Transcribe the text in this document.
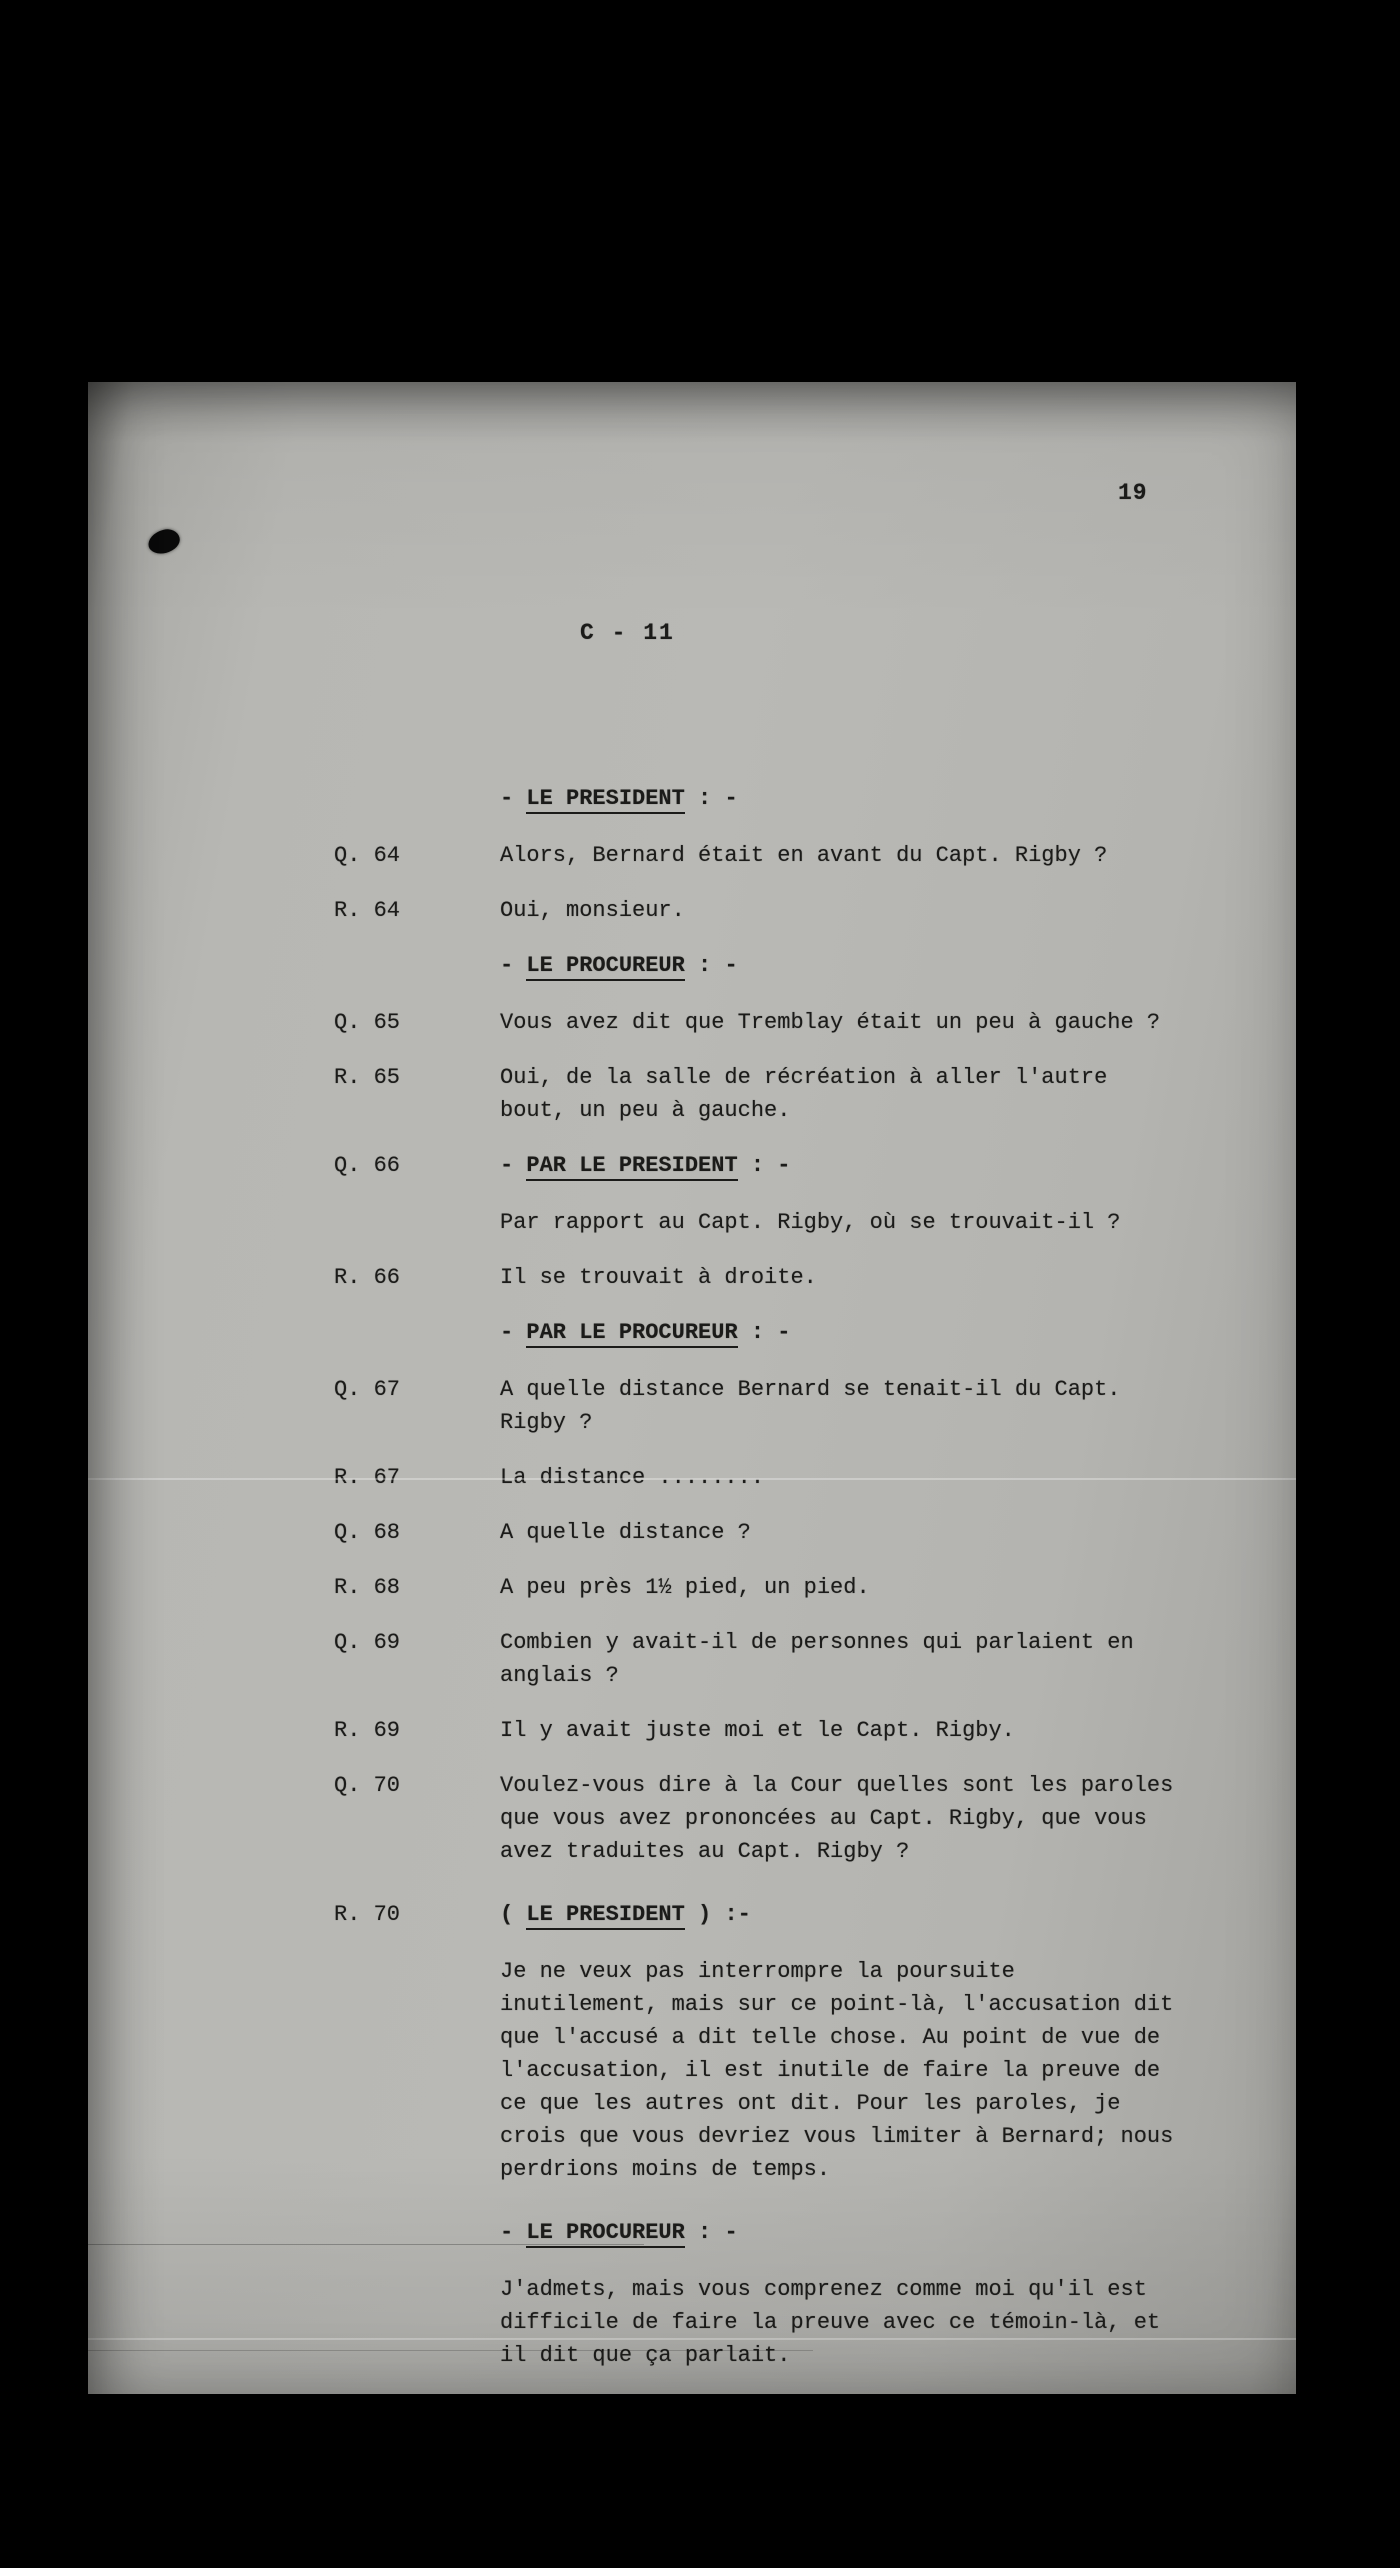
19
C - 11
- LE PRESIDENT : -
Q. 64	Alors, Bernard était en avant du Capt. Rigby ?
R. 64	Oui, monsieur.
- LE PROCUREUR : -
Q. 65	Vous avez dit que Tremblay était un peu à gauche ?
R. 65	Oui, de la salle de récréation à aller l'autre bout, un peu à gauche.
Q. 66	- PAR LE PRESIDENT : -
Par rapport au Capt. Rigby, où se trouvait-il ?
R. 66	Il se trouvait à droite.
- PAR LE PROCUREUR : -
Q. 67	A quelle distance Bernard se tenait-il du Capt. Rigby ?
R. 67	La distance ........
Q. 68	A quelle distance ?
R. 68	A peu près 1½ pied, un pied.
Q. 69	Combien y avait-il de personnes qui parlaient en anglais ?
R. 69	Il y avait juste moi et le Capt. Rigby.
Q. 70	Voulez-vous dire à la Cour quelles sont les paroles que vous avez prononcées au Capt. Rigby, que vous avez traduites au Capt. Rigby ?
R. 70	( LE PRESIDENT ) :-
Je ne veux pas interrompre la poursuite inutilement, mais sur ce point-là, l'accusation dit que l'accusé a dit telle chose. Au point de vue de l'accusation, il est inutile de faire la preuve de ce que les autres ont dit. Pour les paroles, je crois que vous devriez vous limiter à Bernard; nous perdrions moins de temps.
- LE PROCUREUR : -
J'admets, mais vous comprenez comme moi qu'il est difficile de faire la preuve avec ce témoin-là, et il dit que ça parlait.
